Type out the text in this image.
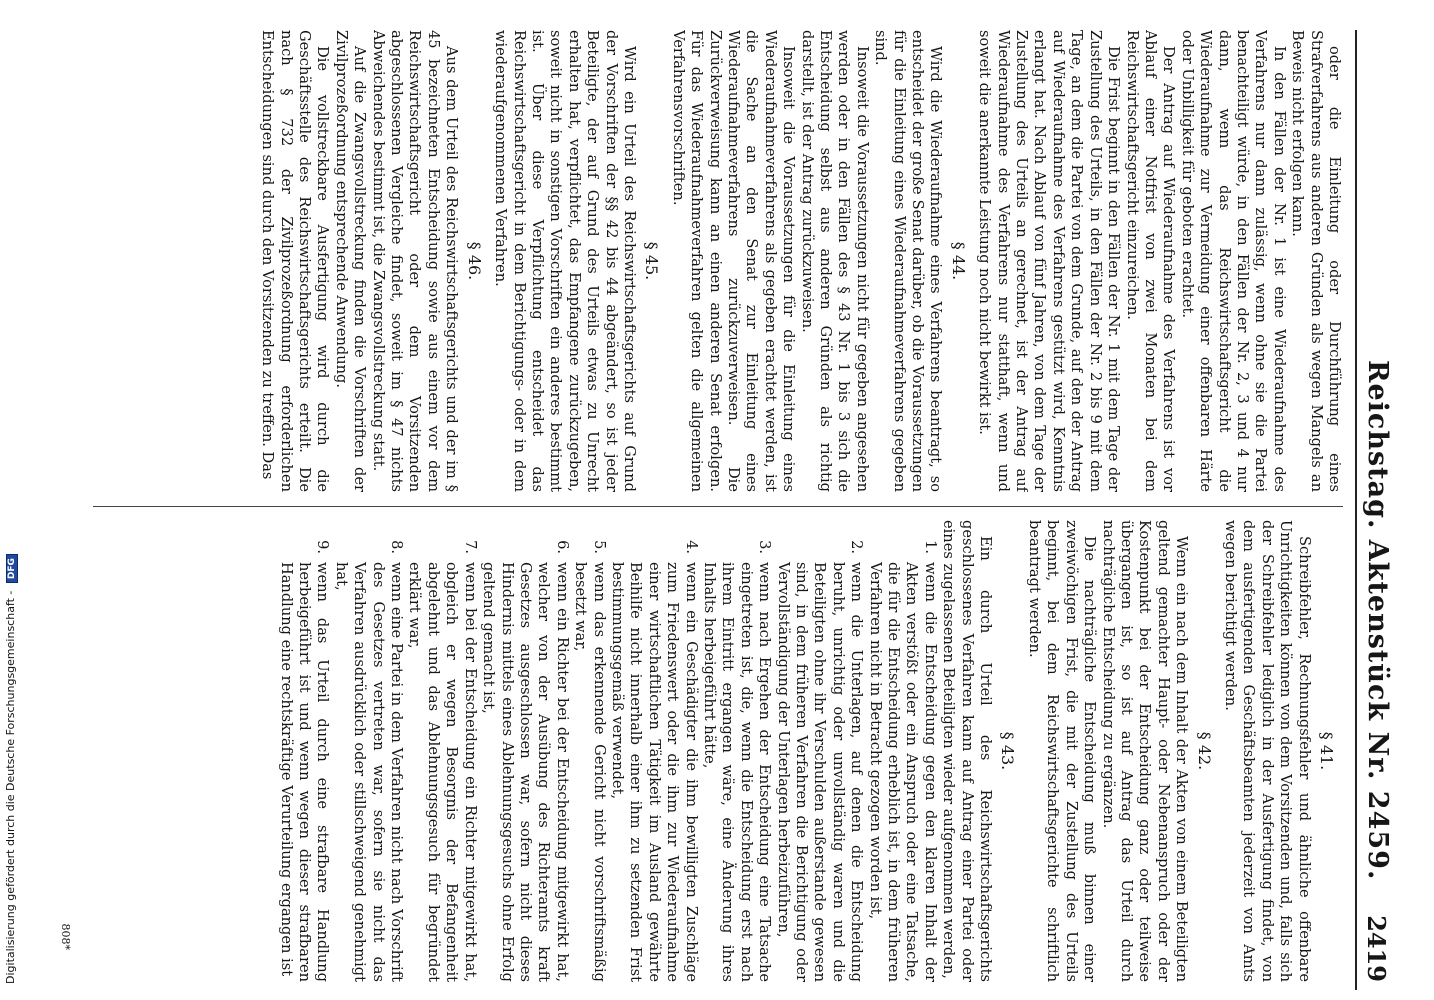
Reichstag. Aktenstück Nr. 2459.
2419

oder die Einleitung oder Durchführung eines Strafverfahrens aus anderen Gründen als wegen Mangels an Beweis nicht erfolgen kann.

In den Fällen der Nr. 1 ist eine Wiederaufnahme des Verfahrens nur dann zulässig, wenn ohne sie die Partei benachteiligt würde, in den Fällen der Nr. 2, 3 und 4 nur dann, wenn das Reichswirtschaftsgericht die Wiederaufnahme zur Vermeidung einer offenbaren Härte oder Unbilligkeit für geboten erachtet.

Der Antrag auf Wiederaufnahme des Verfahrens ist vor Ablauf einer Notfrist von zwei Monaten bei dem Reichswirtschaftsgericht einzureichen.

Die Frist beginnt in den Fällen der Nr. 1 mit dem Tage der Zustellung des Urteils, in den Fällen der Nr. 2 bis 9 mit dem Tage, an dem die Partei von dem Grunde, auf den der Antrag auf Wiederaufnahme des Verfahrens gestützt wird, Kenntnis erlangt hat. Nach Ablauf von fünf Jahren, von dem Tage der Zustellung des Urteils an gerechnet, ist der Antrag auf Wiederaufnahme des Verfahrens nur statthaft, wenn und soweit die anerkannte Leistung noch nicht bewirkt ist.

§ 44.

Wird die Wiederaufnahme eines Verfahrens beantragt, so entscheidet der große Senat darüber, ob die Voraussetzungen für die Einleitung eines Wiederaufnahmeverfahrens gegeben sind.

Insoweit die Voraussetzungen nicht für gegeben angesehen werden oder in den Fällen des § 43 Nr. 1 bis 3 sich die Entscheidung selbst aus anderen Gründen als richtig darstellt, ist der Antrag zurückzuweisen.

Insoweit die Voraussetzungen für die Einleitung eines Wiederaufnahmeverfahrens als gegeben erachtet werden, ist die Sache an den Senat zur Einleitung eines Wiederaufnahmeverfahrens zurückzuverweisen. Die Zurückverweisung kann an einen anderen Senat erfolgen. Für das Wiederaufnahmeverfahren gelten die allgemeinen Verfahrensvorschriften.

§ 45.

Wird ein Urteil des Reichswirtschaftsgerichts auf Grund der Vorschriften der §§ 42 bis 44 abgeändert, so ist jeder Beteiligte, der auf Grund des Urteils etwas zu Unrecht erhalten hat, verpflichtet, das Empfangene zurückzugeben, soweit nicht in sonstigen Vorschriften ein anderes bestimmt ist. Über diese Verpflichtung entscheidet das Reichswirtschaftsgericht in dem Berichtigungs- oder in dem wiederaufgenommenen Verfahren.

§ 46.

Aus dem Urteil des Reichswirtschaftsgerichts und der im § 45 bezeichneten Entscheidung sowie aus einem vor dem Reichswirtschaftsgericht oder dem Vorsitzenden abgeschlossenen Vergleiche findet, soweit im § 47 nichts Abweichendes bestimmt ist, die Zwangsvollstreckung statt.

Auf die Zwangsvollstreckung finden die Vorschriften der Zivilprozeßordnung entsprechende Anwendung.

Die vollstreckbare Ausfertigung wird durch die Geschäftsstelle des Reichswirtschaftsgerichts erteilt. Die nach § 732 der Zivilprozeßordnung erforderlichen Entscheidungen sind durch den Vorsitzenden zu treffen. Das

§ 41.

Schreibfehler, Rechnungsfehler und ähnliche offenbare Unrichtigkeiten können von dem Vorsitzenden und, falls sich der Schreibfehler lediglich in der Ausfertigung findet, von dem ausfertigenden Geschäftsbeamten jederzeit von Amts wegen berichtigt werden.

§ 42.

Wenn ein nach dem Inhalt der Akten von einem Beteiligten geltend gemachter Haupt- oder Nebenanspruch oder der Kostenpunkt bei der Entscheidung ganz oder teilweise übergangen ist, so ist auf Antrag das Urteil durch nachträgliche Entscheidung zu ergänzen.

Die nachträgliche Entscheidung muß binnen einer zweiwöchigen Frist, die mit der Zustellung des Urteils beginnt, bei dem Reichswirtschaftsgerichte schriftlich beantragt werden.

§ 43.

Ein durch Urteil des Reichswirtschaftsgerichts geschlossenes Verfahren kann auf Antrag einer Partei oder eines zugelassenen Beteiligten wieder aufgenommen werden,

1.
wenn die Entscheidung gegen den klaren Inhalt der Akten verstößt oder ein Anspruch oder eine Tatsache, die für die Entscheidung erheblich ist, in dem früheren Verfahren nicht in Betracht gezogen worden ist,
2.
wenn die Unterlagen, auf denen die Entscheidung beruht, unrichtig oder unvollständig waren und die Beteiligten ohne ihr Verschulden außerstande gewesen sind, in dem früheren Verfahren die Berichtigung oder Vervollständigung der Unterlagen herbeizuführen,
3.
wenn nach Ergehen der Entscheidung eine Tatsache eingetreten ist, die, wenn die Entscheidung erst nach ihrem Eintritt ergangen wäre, eine Änderung ihres Inhalts herbeigeführt hätte,
4.
wenn ein Geschädigter die ihm bewilligten Zuschläge zum Friedenswert oder die ihm zur Wiederaufnahme einer wirtschaftlichen Tätigkeit im Ausland gewährte Beihilfe nicht innerhalb einer ihm zu setzenden Frist bestimmungsgemäß verwendet,
5.
wenn das erkennende Gericht nicht vorschriftsmäßig besetzt war,
6.
wenn ein Richter bei der Entscheidung mitgewirkt hat, welcher von der Ausübung des Richteramts kraft Gesetzes ausgeschlossen war, sofern nicht dieses Hindernis mittels eines Ablehnungsgesuchs ohne Erfolg geltend gemacht ist,
7.
wenn bei der Entscheidung ein Richter mitgewirkt hat, obgleich er wegen Besorgnis der Befangenheit abgelehnt und das Ablehnungsgesuch für begründet erklärt war,
8.
wenn eine Partei in dem Verfahren nicht nach Vorschrift des Gesetzes vertreten war, sofern sie nicht das Verfahren ausdrücklich oder stillschweigend genehmigt hat,
9.
wenn das Urteil durch eine strafbare Handlung herbeigeführt ist und wenn wegen dieser strafbaren Handlung eine rechtskräftige Verurteilung ergangen ist
808*
Digitalisierung gefördert durch die Deutsche Forschungsgemeinschaft - DFG
